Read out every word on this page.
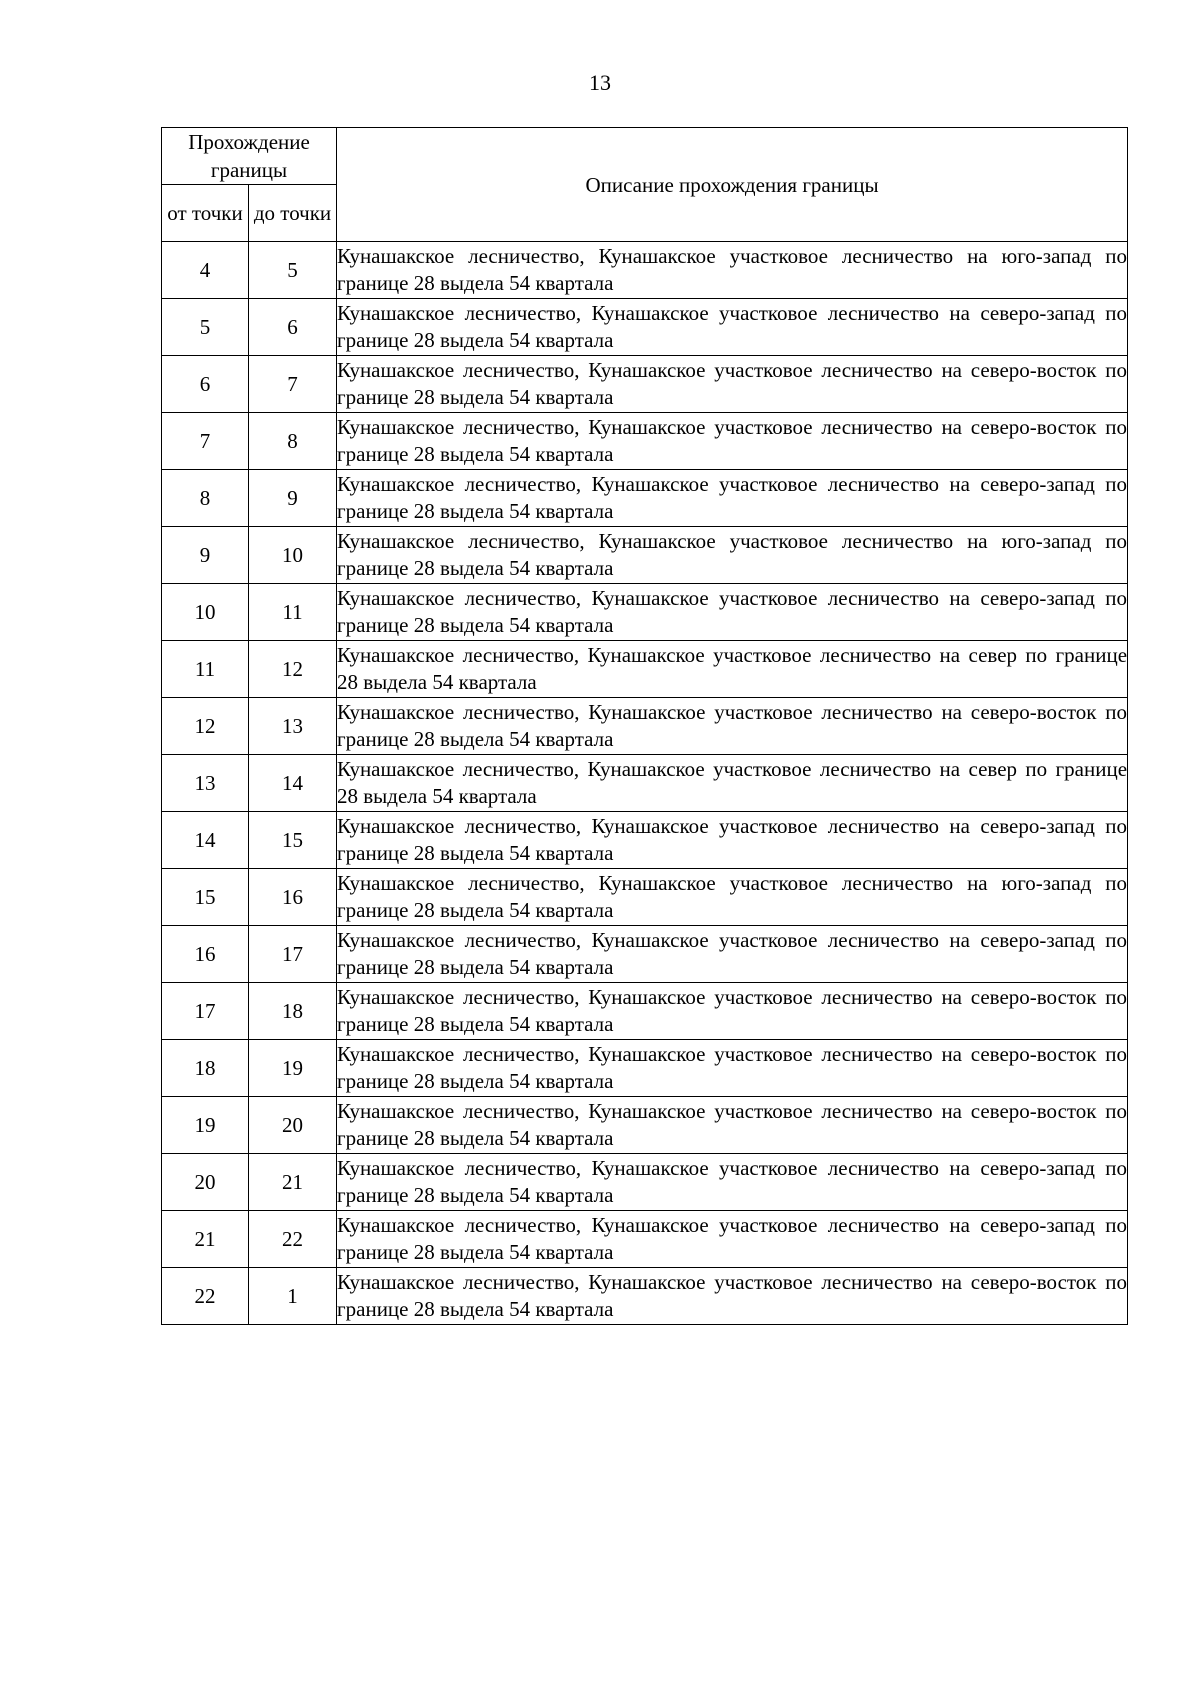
13
Прохождение границы		Описание прохождения границы
от точки	до точки	
4	5	Кунашакское лесничество, Кунашакское участковое лесничество на юго-запад по границе 28 выдела 54 квартала
5	6	Кунашакское лесничество, Кунашакское участковое лесничество на северо-запад по границе 28 выдела 54 квартала
6	7	Кунашакское лесничество, Кунашакское участковое лесничество на северо-восток по границе 28 выдела 54 квартала
7	8	Кунашакское лесничество, Кунашакское участковое лесничество на северо-восток по границе 28 выдела 54 квартала
8	9	Кунашакское лесничество, Кунашакское участковое лесничество на северо-запад по границе 28 выдела 54 квартала
9	10	Кунашакское лесничество, Кунашакское участковое лесничество на юго-запад по границе 28 выдела 54 квартала
10	11	Кунашакское лесничество, Кунашакское участковое лесничество на северо-запад по границе 28 выдела 54 квартала
11	12	Кунашакское лесничество, Кунашакское участковое лесничество на север по границе 28 выдела 54 квартала
12	13	Кунашакское лесничество, Кунашакское участковое лесничество на северо-восток по границе 28 выдела 54 квартала
13	14	Кунашакское лесничество, Кунашакское участковое лесничество на север по границе 28 выдела 54 квартала
14	15	Кунашакское лесничество, Кунашакское участковое лесничество на северо-запад по границе 28 выдела 54 квартала
15	16	Кунашакское лесничество, Кунашакское участковое лесничество на юго-запад по границе 28 выдела 54 квартала
16	17	Кунашакское лесничество, Кунашакское участковое лесничество на северо-запад по границе 28 выдела 54 квартала
17	18	Кунашакское лесничество, Кунашакское участковое лесничество на северо-восток по границе 28 выдела 54 квартала
18	19	Кунашакское лесничество, Кунашакское участковое лесничество на северо-восток по границе 28 выдела 54 квартала
19	20	Кунашакское лесничество, Кунашакское участковое лесничество на северо-восток по границе 28 выдела 54 квартала
20	21	Кунашакское лесничество, Кунашакское участковое лесничество на северо-запад по границе 28 выдела 54 квартала
21	22	Кунашакское лесничество, Кунашакское участковое лесничество на северо-запад по границе 28 выдела 54 квартала
22	1	Кунашакское лесничество, Кунашакское участковое лесничество на северо-восток по границе 28 выдела 54 квартала
